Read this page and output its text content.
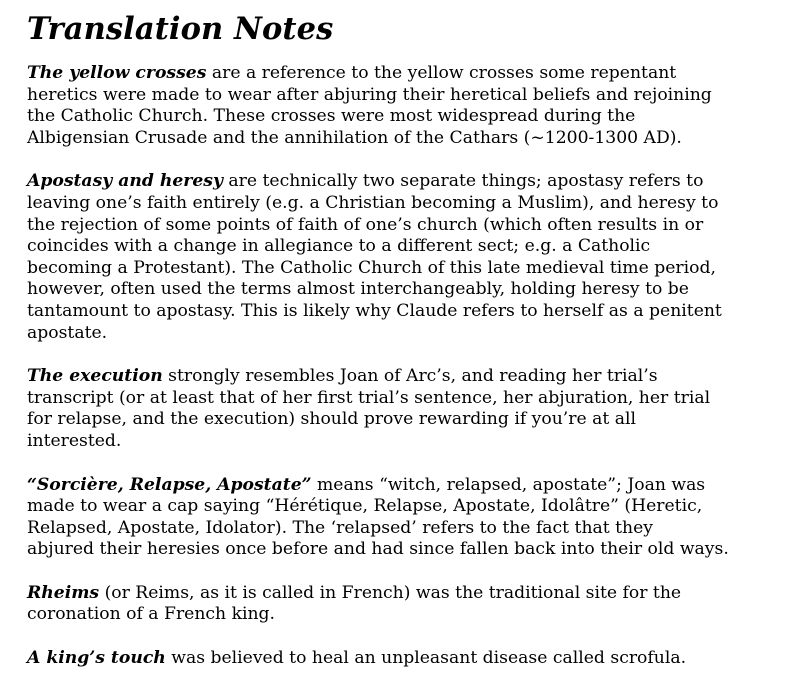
Translation Notes

The yellow crosses are a reference to the yellow crosses some repentant
heretics were made to wear after abjuring their heretical beliefs and rejoining
the Catholic Church. These crosses were most widespread during the
Albigensian Crusade and the annihilation of the Cathars (~1200-1300 AD).

Apostasy and heresy are technically two separate things; apostasy refers to
leaving one’s faith entirely (e.g. a Christian becoming a Muslim), and heresy to
the rejection of some points of faith of one’s church (which often results in or
coincides with a change in allegiance to a different sect; e.g. a Catholic
becoming a Protestant). The Catholic Church of this late medieval time period,
however, often used the terms almost interchangeably, holding heresy to be
tantamount to apostasy. This is likely why Claude refers to herself as a penitent
apostate.

The execution strongly resembles Joan of Arc’s, and reading her trial’s
transcript (or at least that of her first trial’s sentence, her abjuration, her trial
for relapse, and the execution) should prove rewarding if you’re at all
interested.

“Sorcière, Relapse, Apostate” means “witch, relapsed, apostate”; Joan was
made to wear a cap saying “Hérétique, Relapse, Apostate, Idolâtre” (Heretic,
Relapsed, Apostate, Idolator). The ‘relapsed’ refers to the fact that they
abjured their heresies once before and had since fallen back into their old ways.

Rheims (or Reims, as it is called in French) was the traditional site for the
coronation of a French king.

A king’s touch was believed to heal an unpleasant disease called scrofula.
